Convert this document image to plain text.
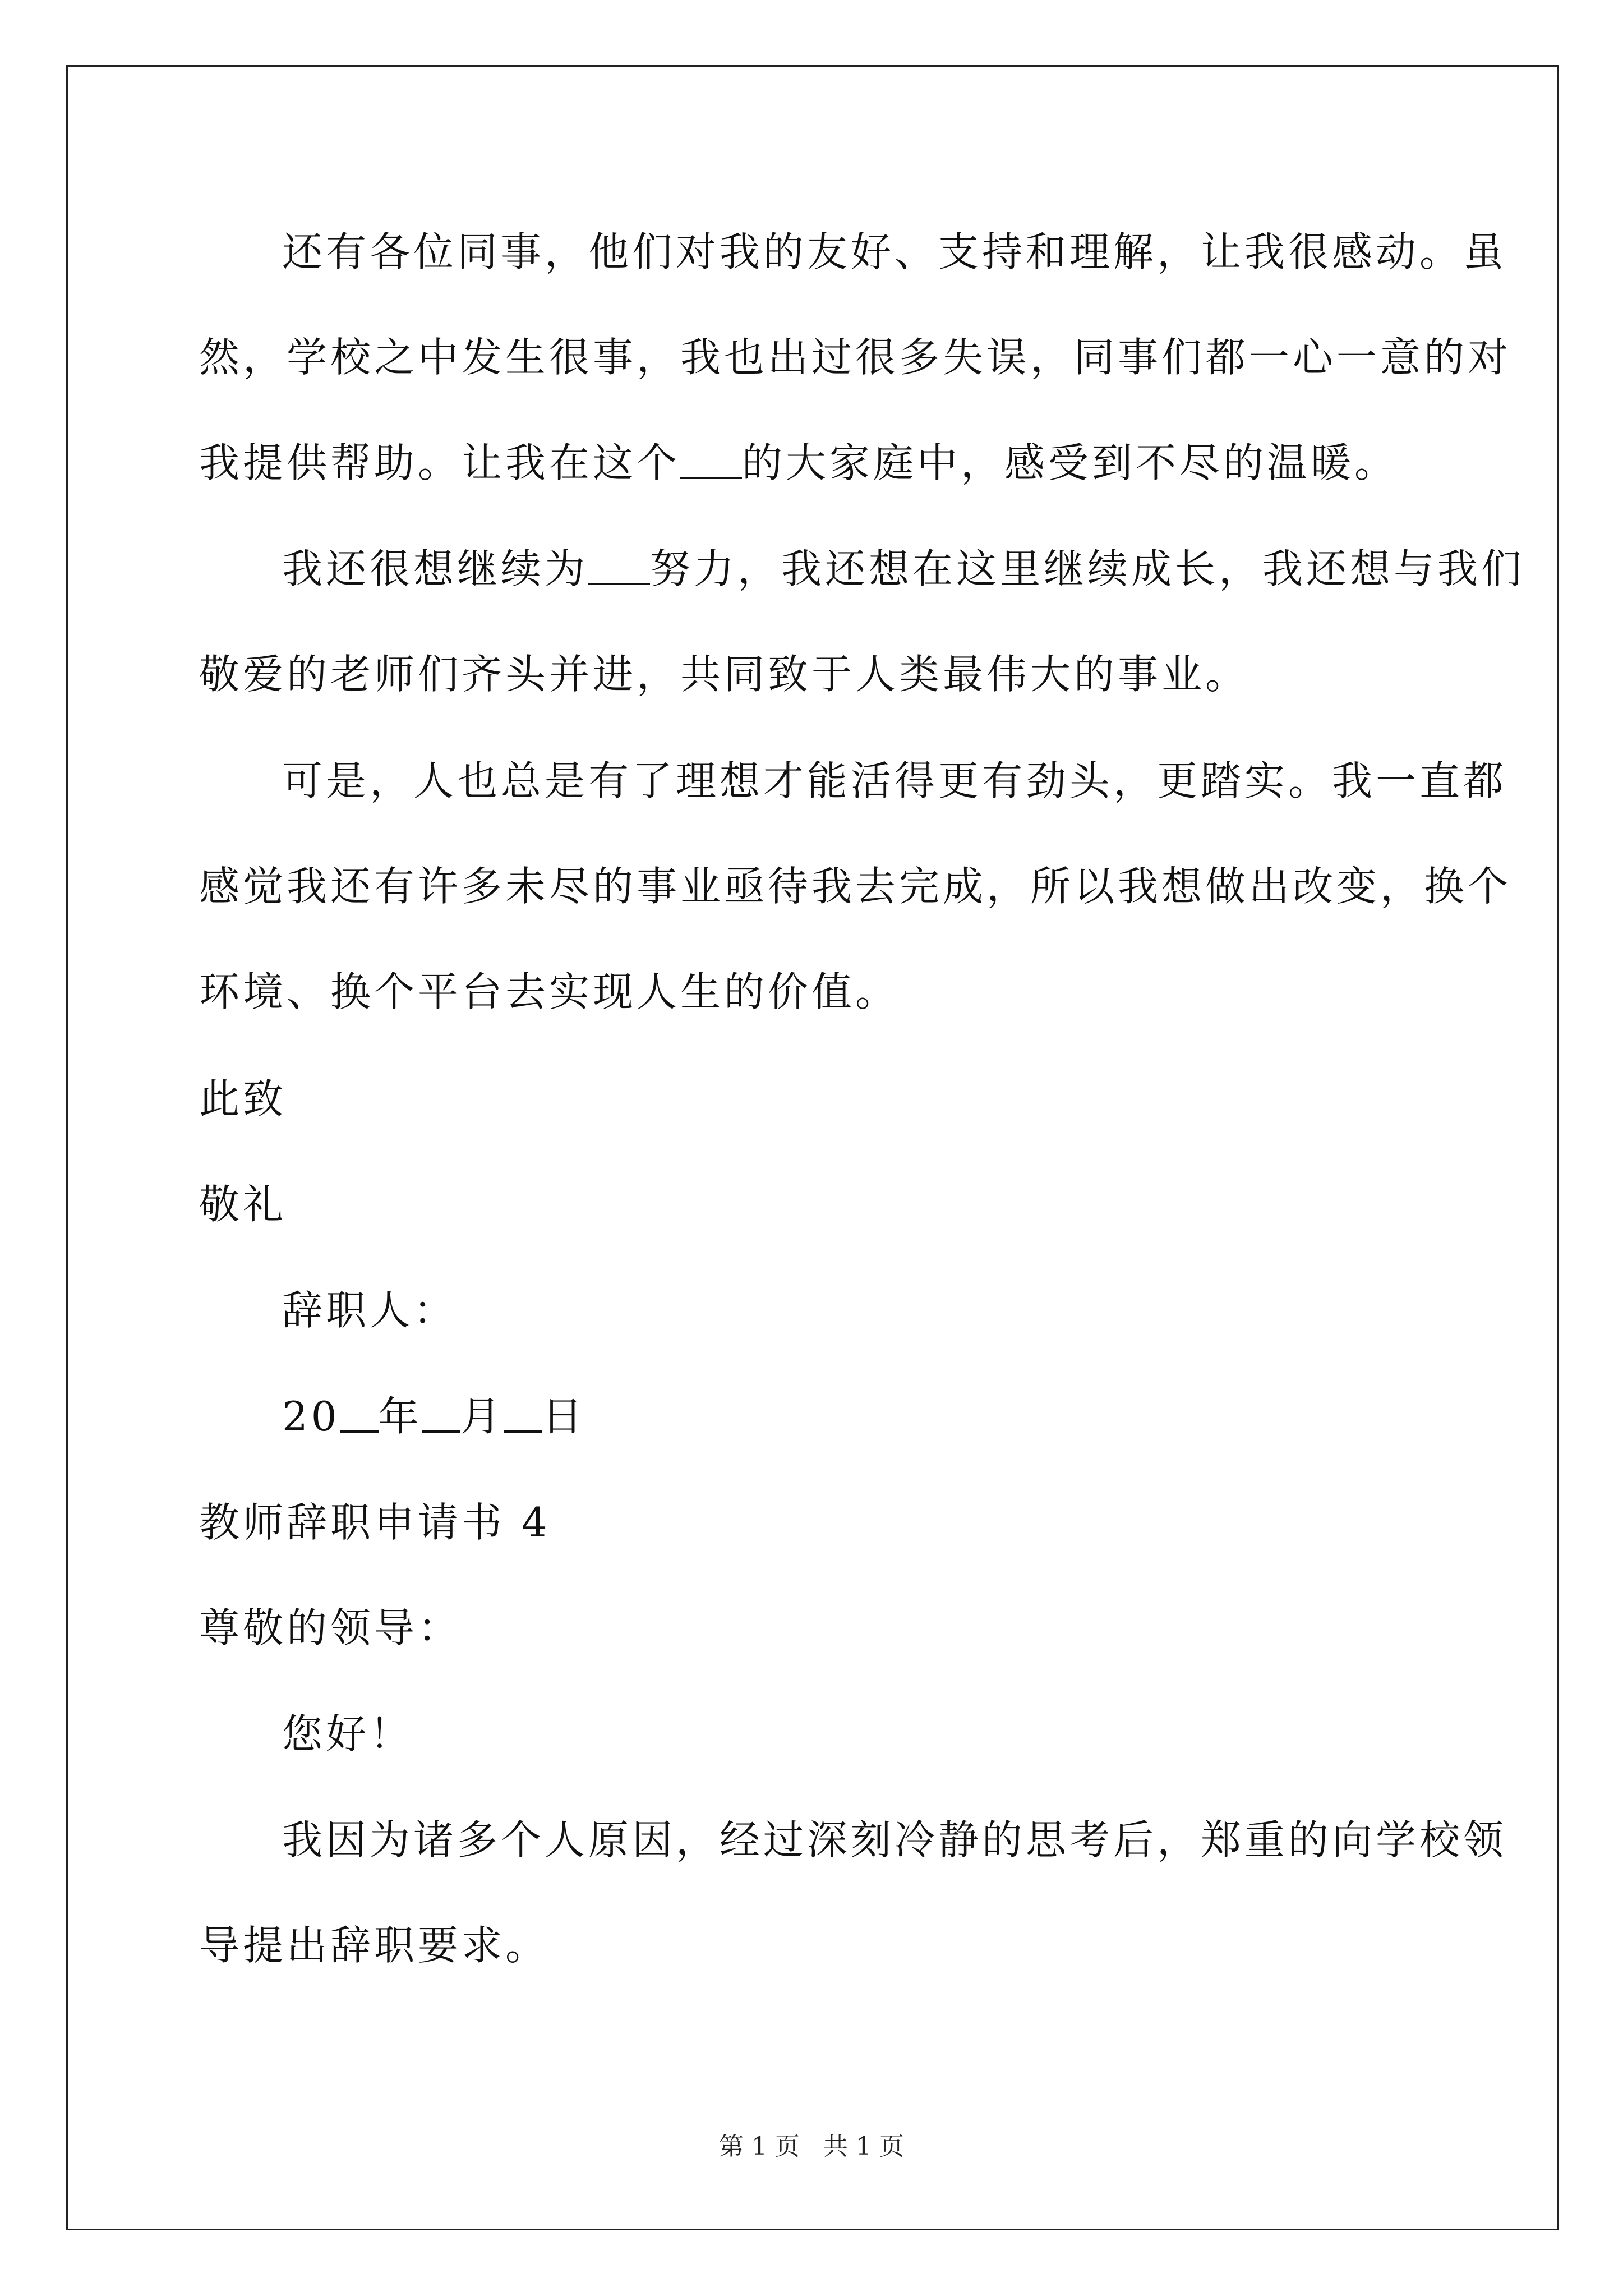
还有各位同事，他们对我的友好、支持和理解，让我很感动。虽
然，学校之中发生很事，我也出过很多失误，同事们都一心一意的对
我提供帮助。让我在这个 的大家庭中，感受到不尽的温暖。
我还很想继续为 努力，我还想在这里继续成长，我还想与我们
敬爱的老师们齐头并进，共同致于人类最伟大的事业。
可是，人也总是有了理想才能活得更有劲头，更踏实。我一直都
感觉我还有许多未尽的事业亟待我去完成，所以我想做出改变，换个
环境、换个平台去实现人生的价值。
此致
敬礼
辞职人：
20 年 月 日
教师辞职申请书 4
尊敬的领导：
您好！
我因为诸多个人原因，经过深刻冷静的思考后，郑重的向学校领
导提出辞职要求。
第 1 页 共 1 页
